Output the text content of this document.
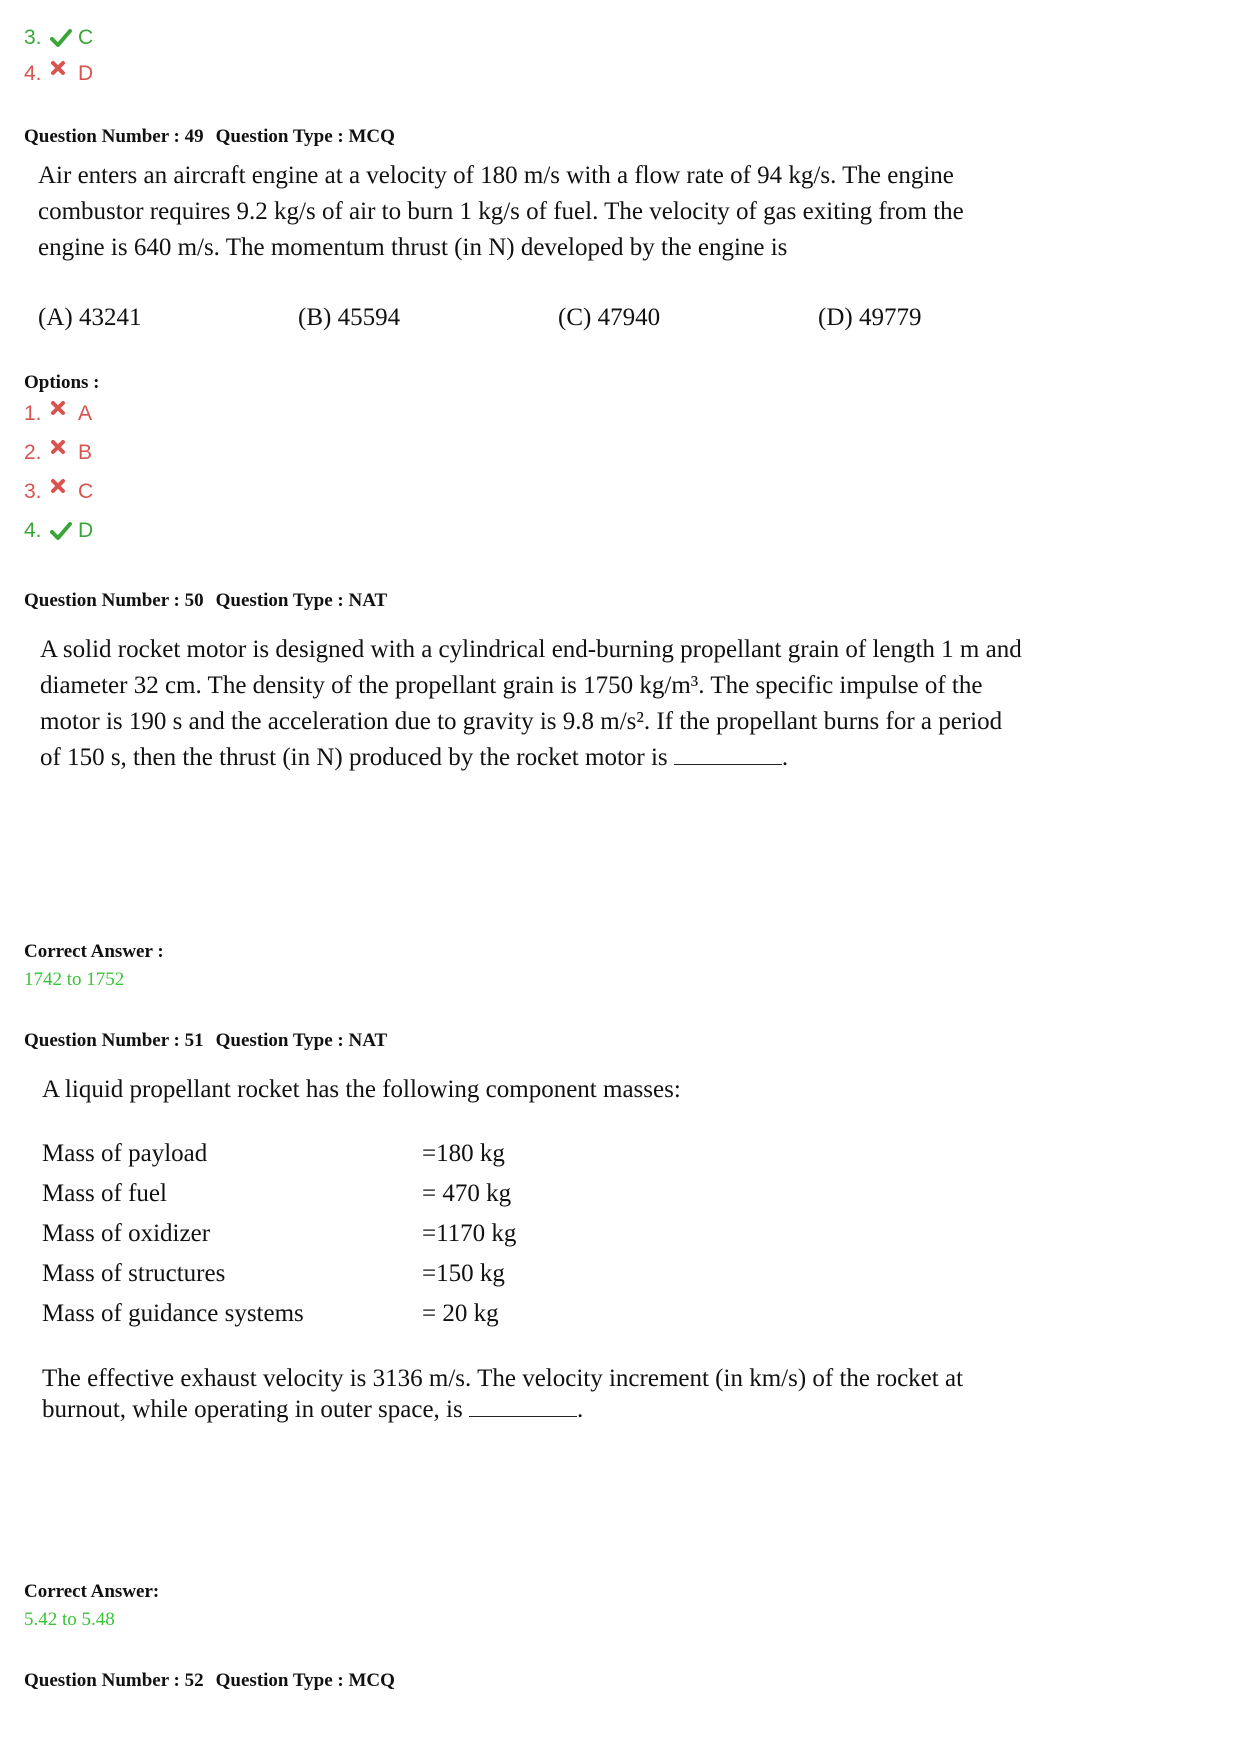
3.	C
4.	D
Question Number : 49 Question Type : MCQ
Air enters an aircraft engine at a velocity of 180 m/s with a flow rate of 94 kg/s. The engine
combustor requires 9.2 kg/s of air to burn 1 kg/s of fuel. The velocity of gas exiting from the
engine is 640 m/s. The momentum thrust (in N) developed by the engine is
(A) 43241	(B) 45594	(C) 47940	(D) 49779
Options :
1.	A
2.	B
3.	C
4.	D
Question Number : 50 Question Type : NAT
A solid rocket motor is designed with a cylindrical end-burning propellant grain of length 1 m and
diameter 32 cm. The density of the propellant grain is 1750 kg/m³. The specific impulse of the
motor is 190 s and the acceleration due to gravity is 9.8 m/s². If the propellant burns for a period
of 150 s, then the thrust (in N) produced by the rocket motor is	.
Correct Answer :
1742 to 1752
Question Number : 51 Question Type : NAT
A liquid propellant rocket has the following component masses:
Mass of payload	=180 kg
Mass of fuel	= 470 kg
Mass of oxidizer	=1170 kg
Mass of structures	=150 kg
Mass of guidance systems	= 20 kg
The effective exhaust velocity is 3136 m/s. The velocity increment (in km/s) of the rocket at
burnout, while operating in outer space, is	.
Correct Answer:
5.42 to 5.48
Question Number : 52 Question Type : MCQ
